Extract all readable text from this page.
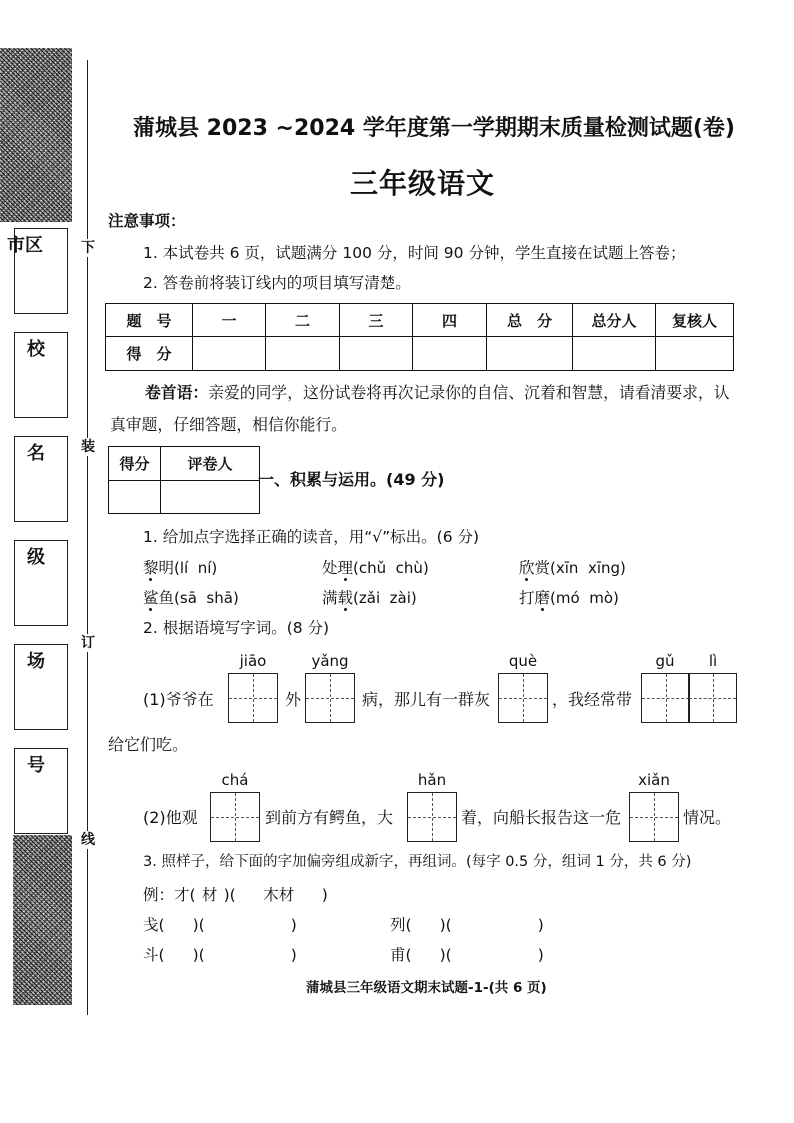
市区
校
名
级
场
号
下
装
订
线
蒲城县 2023 ~2024 学年度第一学期期末质量检测试题(卷)
三年级语文
注意事项：
1. 本试卷共 6 页，试题满分 100 分，时间 90 分钟，学生直接在试题上答卷；
2. 答卷前将装订线内的项目填写清楚。
题　号	一	二	三	四	总　分	总分人	复核人
得　分							
卷首语：亲爱的同学，这份试卷将再次记录你的自信、沉着和智慧，请看清要求，认
真审题，仔细答题，相信你能行。
得分	评卷人

一、积累与运用。(49 分)
1. 给加点字选择正确的读音，用“√”标出。(6 分)
黎明(lí  ní)	处理(chǔ  chù)	欣赏(xīn  xīng)
鲨鱼(sā  shā)	满载(zǎi  zài)	打磨(mó  mò)
2. 根据语境写字词。(8 分)
jiāo	yǎng	què	gǔ	lì
(1)爷爷在	外	病，那儿有一群灰	，我经常带
给它们吃。
chá	hǎn	xiǎn
(2)他观	到前方有鳄鱼，大	着，向船长报告这一危	情况。
3. 照样子，给下面的字加偏旁组成新字，再组词。(每字 0.5 分，组词 1 分，共 6 分)
例：才( 材 )( 木材 )
戋( )(	)	列( )(	)
斗( )(	)	甫( )(	)
蒲城县三年级语文期末试题-1-(共 6 页)
